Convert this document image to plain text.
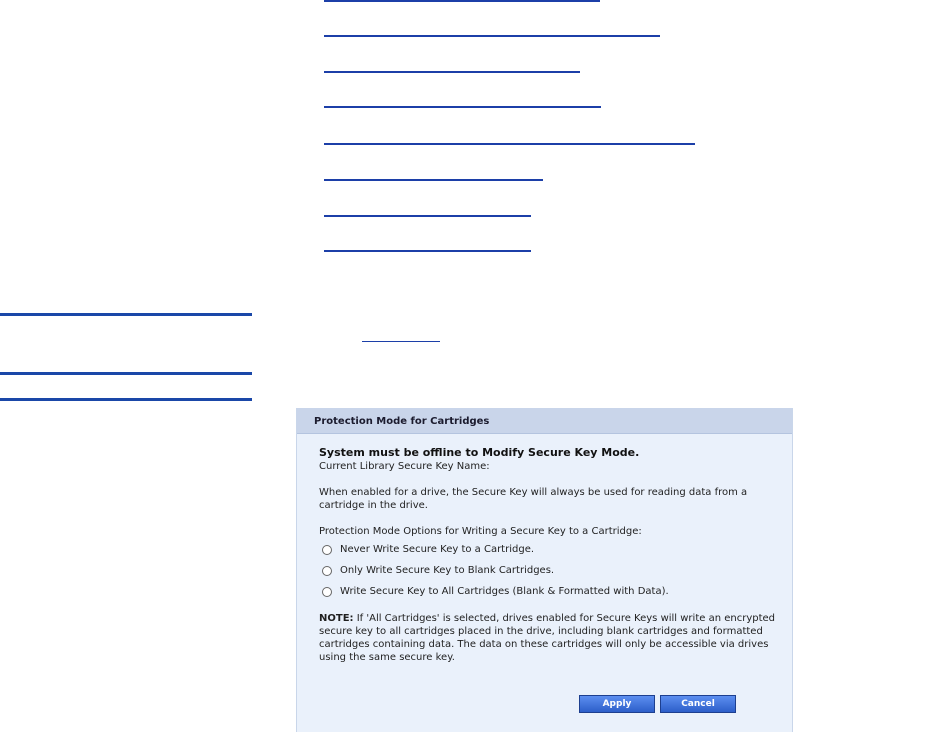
Protection Mode for Cartridges
System must be offline to Modify Secure Key Mode.

Current Library Secure Key Name:

When enabled for a drive, the Secure Key will always be used for reading data from a cartridge in the drive.

Protection Mode Options for Writing a Secure Key to a Cartridge:

Never Write Secure Key to a Cartridge.
Only Write Secure Key to Blank Cartridges.
Write Secure Key to All Cartridges (Blank & Formatted with Data).

NOTE: If 'All Cartridges' is selected, drives enabled for Secure Keys will write an encrypted secure key to all cartridges placed in the drive, including blank cartridges and formatted cartridges containing data. The data on these cartridges will only be accessible via drives using the same secure key.

Apply	Cancel
